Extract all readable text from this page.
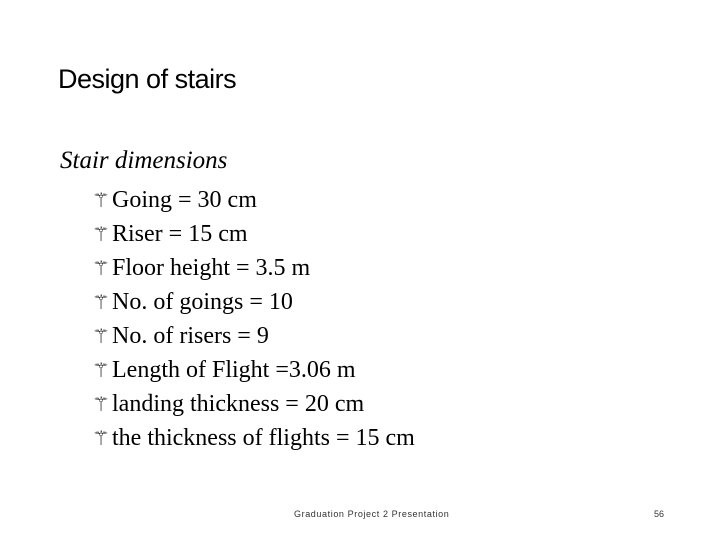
Design of stairs
Stair dimensions
⚚Going = 30 cm
⚚Riser = 15 cm
⚚Floor height = 3.5 m
⚚No. of goings = 10
⚚No. of risers = 9
⚚Length of Flight =3.06 m
⚚landing thickness = 20 cm
⚚the thickness of flights = 15 cm
Graduation Project 2 Presentation	56
